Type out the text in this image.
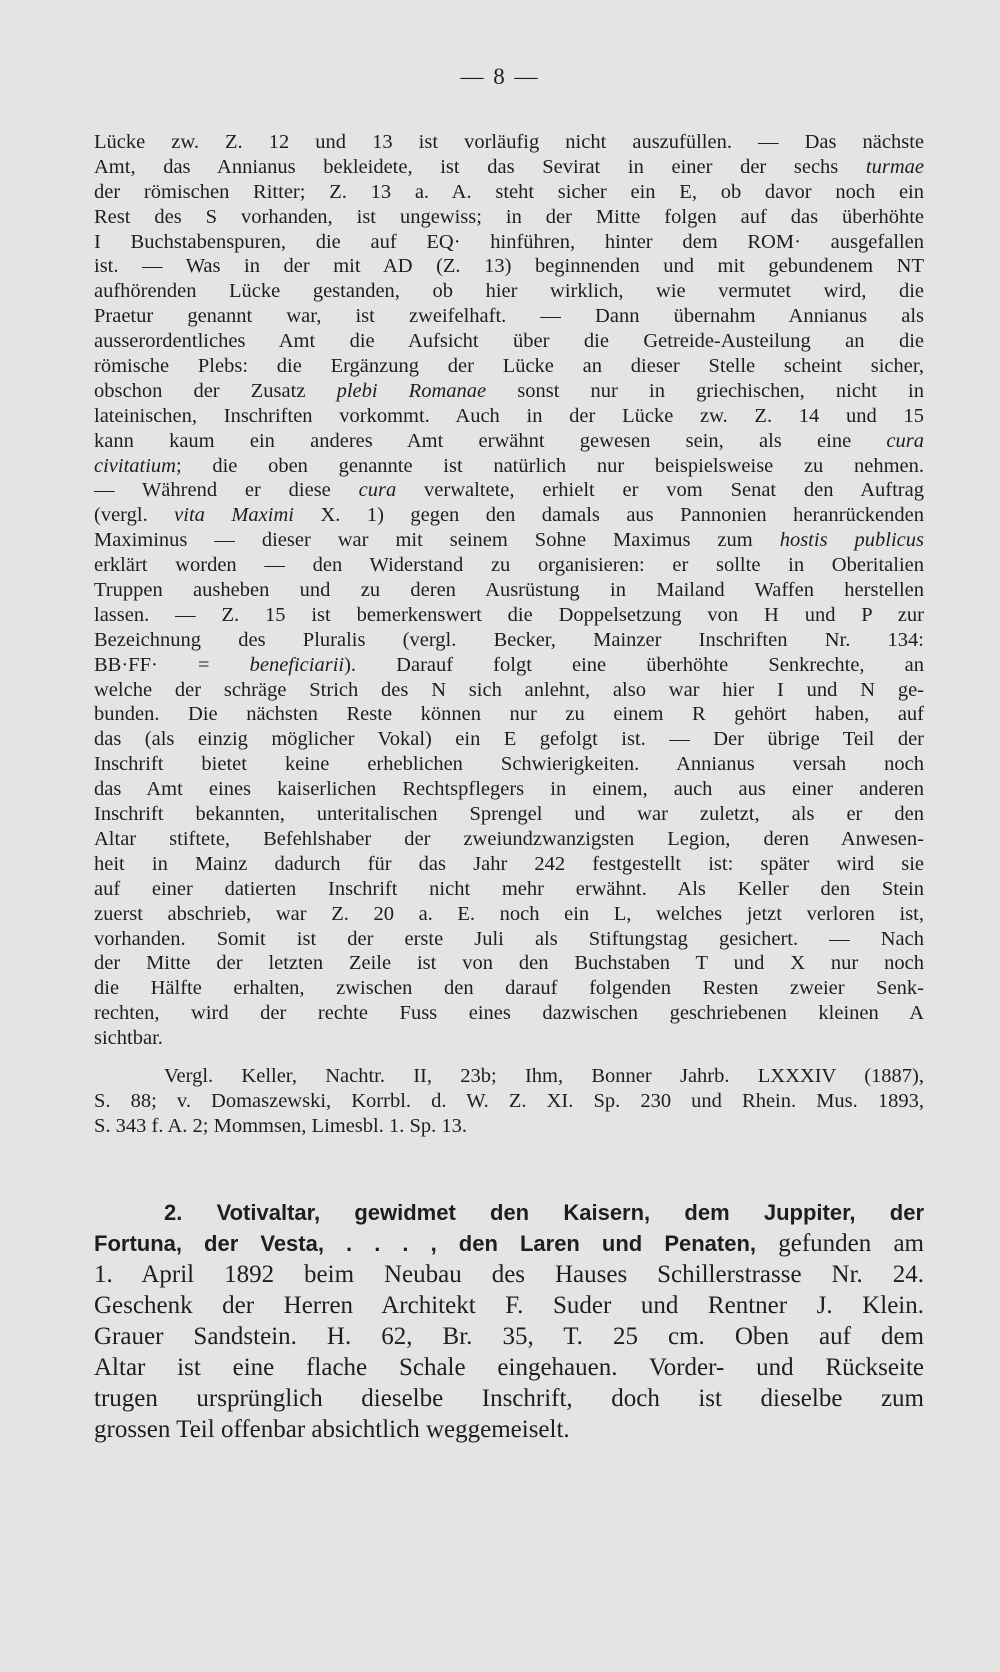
— 8 —
Lücke zw. Z. 12 und 13 ist vorläufig nicht auszufüllen. — Das nächste
Amt, das Annianus bekleidete, ist das Sevirat in einer der sechs turmae
der römischen Ritter; Z. 13 a. A. steht sicher ein E, ob davor noch ein
Rest des S vorhanden, ist ungewiss; in der Mitte folgen auf das überhöhte
I Buchstabenspuren, die auf EQ· hinführen, hinter dem ROM· ausgefallen
ist. — Was in der mit AD (Z. 13) beginnenden und mit gebundenem NT
aufhörenden Lücke gestanden, ob hier wirklich, wie vermutet wird, die
Praetur genannt war, ist zweifelhaft. — Dann übernahm Annianus als
ausserordentliches Amt die Aufsicht über die Getreide-Austeilung an die
römische Plebs: die Ergänzung der Lücke an dieser Stelle scheint sicher,
obschon der Zusatz plebi Romanae sonst nur in griechischen, nicht in
lateinischen, Inschriften vorkommt. Auch in der Lücke zw. Z. 14 und 15
kann kaum ein anderes Amt erwähnt gewesen sein, als eine cura
civitatium; die oben genannte ist natürlich nur beispielsweise zu nehmen.
— Während er diese cura verwaltete, erhielt er vom Senat den Auftrag
(vergl. vita Maximi X. 1) gegen den damals aus Pannonien heranrückenden
Maximinus — dieser war mit seinem Sohne Maximus zum hostis publicus
erklärt worden — den Widerstand zu organisieren: er sollte in Oberitalien
Truppen ausheben und zu deren Ausrüstung in Mailand Waffen herstellen
lassen. — Z. 15 ist bemerkenswert die Doppelsetzung von H und P zur
Bezeichnung des Pluralis (vergl. Becker, Mainzer Inschriften Nr. 134:
BB·FF· = beneficiarii). Darauf folgt eine überhöhte Senkrechte, an
welche der schräge Strich des N sich anlehnt, also war hier I und N ge-
bunden. Die nächsten Reste können nur zu einem R gehört haben, auf
das (als einzig möglicher Vokal) ein E gefolgt ist. — Der übrige Teil der
Inschrift bietet keine erheblichen Schwierigkeiten. Annianus versah noch
das Amt eines kaiserlichen Rechtspflegers in einem, auch aus einer anderen
Inschrift bekannten, unteritalischen Sprengel und war zuletzt, als er den
Altar stiftete, Befehlshaber der zweiundzwanzigsten Legion, deren Anwesen-
heit in Mainz dadurch für das Jahr 242 festgestellt ist: später wird sie
auf einer datierten Inschrift nicht mehr erwähnt. Als Keller den Stein
zuerst abschrieb, war Z. 20 a. E. noch ein L, welches jetzt verloren ist,
vorhanden. Somit ist der erste Juli als Stiftungstag gesichert. — Nach
der Mitte der letzten Zeile ist von den Buchstaben T und X nur noch
die Hälfte erhalten, zwischen den darauf folgenden Resten zweier Senk-
rechten, wird der rechte Fuss eines dazwischen geschriebenen kleinen A
sichtbar.
Vergl. Keller, Nachtr. II, 23b; Ihm, Bonner Jahrb. LXXXIV (1887),
S. 88; v. Domaszewski, Korrbl. d. W. Z. XI. Sp. 230 und Rhein. Mus. 1893,
S. 343 f. A. 2; Mommsen, Limesbl. 1. Sp. 13.
2. Votivaltar, gewidmet den Kaisern, dem Juppiter, der
Fortuna, der Vesta, . . . , den Laren und Penaten, gefunden am
1. April 1892 beim Neubau des Hauses Schillerstrasse Nr. 24.
Geschenk der Herren Architekt F. Suder und Rentner J. Klein.
Grauer Sandstein. H. 62, Br. 35, T. 25 cm. Oben auf dem
Altar ist eine flache Schale eingehauen. Vorder- und Rückseite
trugen ursprünglich dieselbe Inschrift, doch ist dieselbe zum
grossen Teil offenbar absichtlich weggemeiselt.
